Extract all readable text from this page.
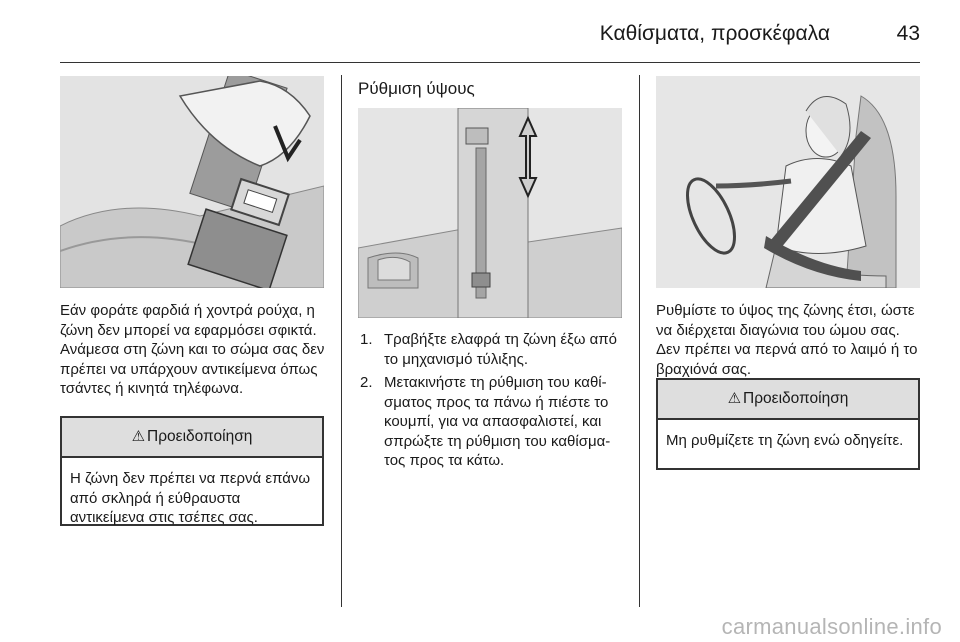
Καθίσματα, προσκέφαλα	43

Εάν φοράτε φαρδιά ή χοντρά ρούχα, η ζώνη δεν μπορεί να εφαρμόσει σφικτά. Ανάμεσα στη ζώνη και το σώμα σας δεν πρέπει να υπάρχουν αντικείμενα όπως τσάντες ή κινητά τηλέφωνα.

⚠ Προειδοποίηση
Η ζώνη δεν πρέπει να περνά επάνω από σκληρά ή εύθραυστα αντικείμενα στις τσέπες σας.
Ρύθμιση ύψους
1. Τραβήξτε ελαφρά τη ζώνη έξω από το μηχανισμό τύλιξης.
2. Μετακινήστε τη ρύθμιση του καθίσματος προς τα πάνω ή πιέστε το κουμπί, για να απασφαλιστεί, και σπρώξτε τη ρύθμιση του καθίσματος προς τα κάτω.

Ρυθμίστε το ύψος της ζώνης έτσι, ώστε να διέρχεται διαγώνια του ώμου σας. Δεν πρέπει να περνά από το λαιμό ή το βραχιόνά σας.

⚠ Προειδοποίηση
Μη ρυθμίζετε τη ζώνη ενώ οδηγείτε.
carmanualsonline.info
